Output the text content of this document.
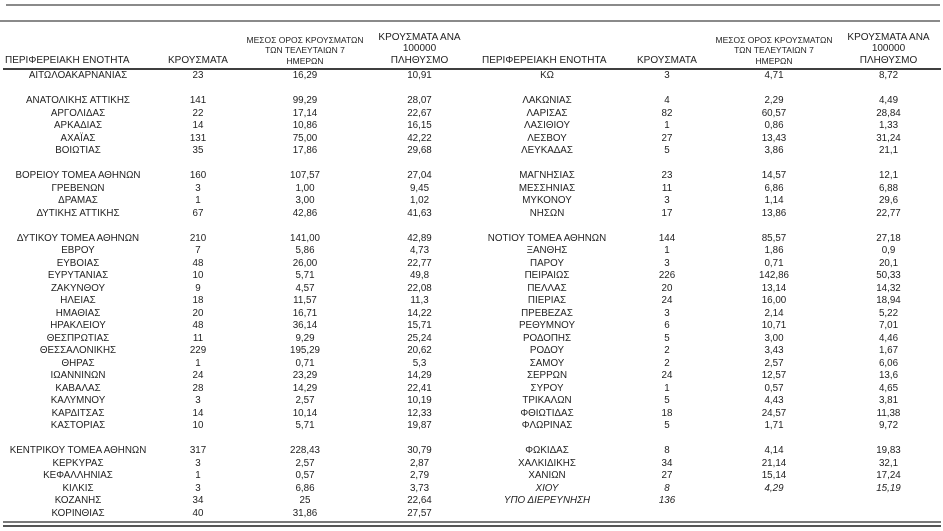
ΠΕΡΙΦΕΡΕΙΑΚΗ ΕΝΟΤΗΤΑ	ΚΡΟΥΣΜΑΤΑ
ΜΕΣΟΣ ΟΡΟΣ ΚΡΟΥΣΜΑΤΩΝ
ΤΩΝ ΤΕΛΕΥΤΑΙΩΝ 7
ΗΜΕΡΩΝ
ΚΡΟΥΣΜΑΤΑ ΑΝΑ 100000
ΠΛΗΘΥΣΜΟ	ΠΕΡΙΦΕΡΕΙΑΚΗ ΕΝΟΤΗΤΑ	ΚΡΟΥΣΜΑΤΑ
ΜΕΣΟΣ ΟΡΟΣ ΚΡΟΥΣΜΑΤΩΝ
ΤΩΝ ΤΕΛΕΥΤΑΙΩΝ 7
ΗΜΕΡΩΝ
ΚΡΟΥΣΜΑΤΑ ΑΝΑ 100000
ΠΛΗΘΥΣΜΟ
ΑΙΤΩΛΟΑΚΑΡΝΑΝΙΑΣ	23	16,29	10,91
ΑΝΑΤΟΛΙΚΗΣ ΑΤΤΙΚΗΣ	141	99,29	28,07
ΑΡΓΟΛΙΔΑΣ	22	17,14	22,67
ΑΡΚΑΔΙΑΣ	14	10,86	16,15
ΑΧΑΪΑΣ	131	75,00	42,22
ΒΟΙΩΤΙΑΣ	35	17,86	29,68
ΒΟΡΕΙΟΥ ΤΟΜΕΑ ΑΘΗΝΩΝ	160	107,57	27,04
ΓΡΕΒΕΝΩΝ	3	1,00	9,45
ΔΡΑΜΑΣ	1	3,00	1,02
ΔΥΤΙΚΗΣ ΑΤΤΙΚΗΣ	67	42,86	41,63
ΔΥΤΙΚΟΥ ΤΟΜΕΑ ΑΘΗΝΩΝ	210	141,00	42,89
ΕΒΡΟΥ	7	5,86	4,73
ΕΥΒΟΙΑΣ	48	26,00	22,77
ΕΥΡΥΤΑΝΙΑΣ	10	5,71	49,8
ΖΑΚΥΝΘΟΥ	9	4,57	22,08
ΗΛΕΙΑΣ	18	11,57	11,3
ΗΜΑΘΙΑΣ	20	16,71	14,22
ΗΡΑΚΛΕΙΟΥ	48	36,14	15,71
ΘΕΣΠΡΩΤΙΑΣ	11	9,29	25,24
ΘΕΣΣΑΛΟΝΙΚΗΣ	229	195,29	20,62
ΘΗΡΑΣ	1	0,71	5,3
ΙΩΑΝΝΙΝΩΝ	24	23,29	14,29
ΚΑΒΑΛΑΣ	28	14,29	22,41
ΚΑΛΥΜΝΟΥ	3	2,57	10,19
ΚΑΡΔΙΤΣΑΣ	14	10,14	12,33
ΚΑΣΤΟΡΙΑΣ	10	5,71	19,87
ΚΕΝΤΡΙΚΟΥ ΤΟΜΕΑ ΑΘΗΝΩΝ	317	228,43	30,79
ΚΕΡΚΥΡΑΣ	3	2,57	2,87
ΚΕΦΑΛΛΗΝΙΑΣ	1	0,57	2,79
ΚΙΛΚΙΣ	3	6,86	3,73
ΚΟΖΑΝΗΣ	34	25	22,64
ΚΟΡΙΝΘΙΑΣ	40	31,86	27,57
ΚΩ	3	4,71	8,72
ΛΑΚΩΝΙΑΣ	4	2,29	4,49
ΛΑΡΙΣΑΣ	82	60,57	28,84
ΛΑΣΙΘΙΟΥ	1	0,86	1,33
ΛΕΣΒΟΥ	27	13,43	31,24
ΛΕΥΚΑΔΑΣ	5	3,86	21,1
ΜΑΓΝΗΣΙΑΣ	23	14,57	12,1
ΜΕΣΣΗΝΙΑΣ	11	6,86	6,88
ΜΥΚΟΝΟΥ	3	1,14	29,6
ΝΗΣΩΝ	17	13,86	22,77
ΝΟΤΙΟΥ ΤΟΜΕΑ ΑΘΗΝΩΝ	144	85,57	27,18
ΞΑΝΘΗΣ	1	1,86	0,9
ΠΑΡΟΥ	3	0,71	20,1
ΠΕΙΡΑΙΩΣ	226	142,86	50,33
ΠΕΛΛΑΣ	20	13,14	14,32
ΠΙΕΡΙΑΣ	24	16,00	18,94
ΠΡΕΒΕΖΑΣ	3	2,14	5,22
ΡΕΘΥΜΝΟΥ	6	10,71	7,01
ΡΟΔΟΠΗΣ	5	3,00	4,46
ΡΟΔΟΥ	2	3,43	1,67
ΣΑΜΟΥ	2	2,57	6,06
ΣΕΡΡΩΝ	24	12,57	13,6
ΣΥΡΟΥ	1	0,57	4,65
ΤΡΙΚΑΛΩΝ	5	4,43	3,81
ΦΘΙΩΤΙΔΑΣ	18	24,57	11,38
ΦΛΩΡΙΝΑΣ	5	1,71	9,72
ΦΩΚΙΔΑΣ	8	4,14	19,83
ΧΑΛΚΙΔΙΚΗΣ	34	21,14	32,1
ΧΑΝΙΩΝ	27	15,14	17,24
ΧΙΟΥ	8	4,29	15,19
ΥΠΟ ΔΙΕΡΕΥΝΗΣΗ	136
